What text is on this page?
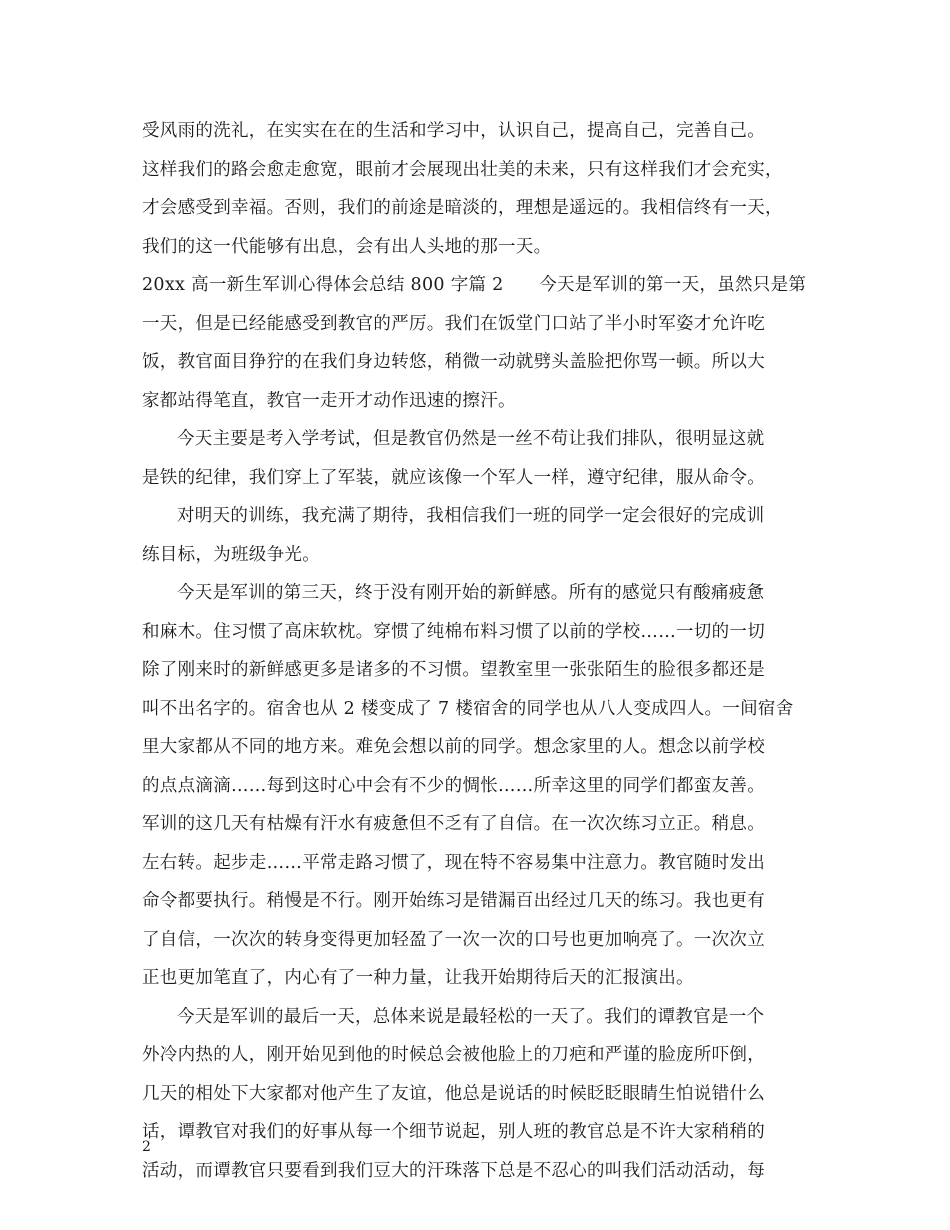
受风雨的洗礼，在实实在在的生活和学习中，认识自己，提高自己，完善自己。
这样我们的路会愈走愈宽，眼前才会展现出壮美的未来，只有这样我们才会充实，
才会感受到幸福。否则，我们的前途是暗淡的，理想是遥远的。我相信终有一天，
我们的这一代能够有出息，会有出人头地的那一天。
20xx 高一新生军训心得体会总结 800 字篇 2　　今天是军训的第一天，虽然只是第
一天，但是已经能感受到教官的严厉。我们在饭堂门口站了半小时军姿才允许吃
饭，教官面目狰狞的在我们身边转悠，稍微一动就劈头盖脸把你骂一顿。所以大
家都站得笔直，教官一走开才动作迅速的擦汗。
今天主要是考入学考试，但是教官仍然是一丝不苟让我们排队，很明显这就
是铁的纪律，我们穿上了军装，就应该像一个军人一样，遵守纪律，服从命令。
对明天的训练，我充满了期待，我相信我们一班的同学一定会很好的完成训
练目标，为班级争光。
今天是军训的第三天，终于没有刚开始的新鲜感。所有的感觉只有酸痛疲惫
和麻木。住习惯了高床软枕。穿惯了纯棉布料习惯了以前的学校……一切的一切
除了刚来时的新鲜感更多是诸多的不习惯。望教室里一张张陌生的脸很多都还是
叫不出名字的。宿舍也从 2 楼变成了 7 楼宿舍的同学也从八人变成四人。一间宿舍
里大家都从不同的地方来。难免会想以前的同学。想念家里的人。想念以前学校
的点点滴滴……每到这时心中会有不少的惆怅……所幸这里的同学们都蛮友善。
军训的这几天有枯燥有汗水有疲惫但不乏有了自信。在一次次练习立正。稍息。
左右转。起步走……平常走路习惯了，现在特不容易集中注意力。教官随时发出
命令都要执行。稍慢是不行。刚开始练习是错漏百出经过几天的练习。我也更有
了自信，一次次的转身变得更加轻盈了一次一次的口号也更加响亮了。一次次立
正也更加笔直了，内心有了一种力量，让我开始期待后天的汇报演出。
今天是军训的最后一天，总体来说是最轻松的一天了。我们的谭教官是一个
外冷内热的人，刚开始见到他的时候总会被他脸上的刀疤和严谨的脸庞所吓倒，
几天的相处下大家都对他产生了友谊，他总是说话的时候眨眨眼睛生怕说错什么
话，谭教官对我们的好事从每一个细节说起，别人班的教官总是不许大家稍稍的
活动，而谭教官只要看到我们豆大的汗珠落下总是不忍心的叫我们活动活动，每
2
